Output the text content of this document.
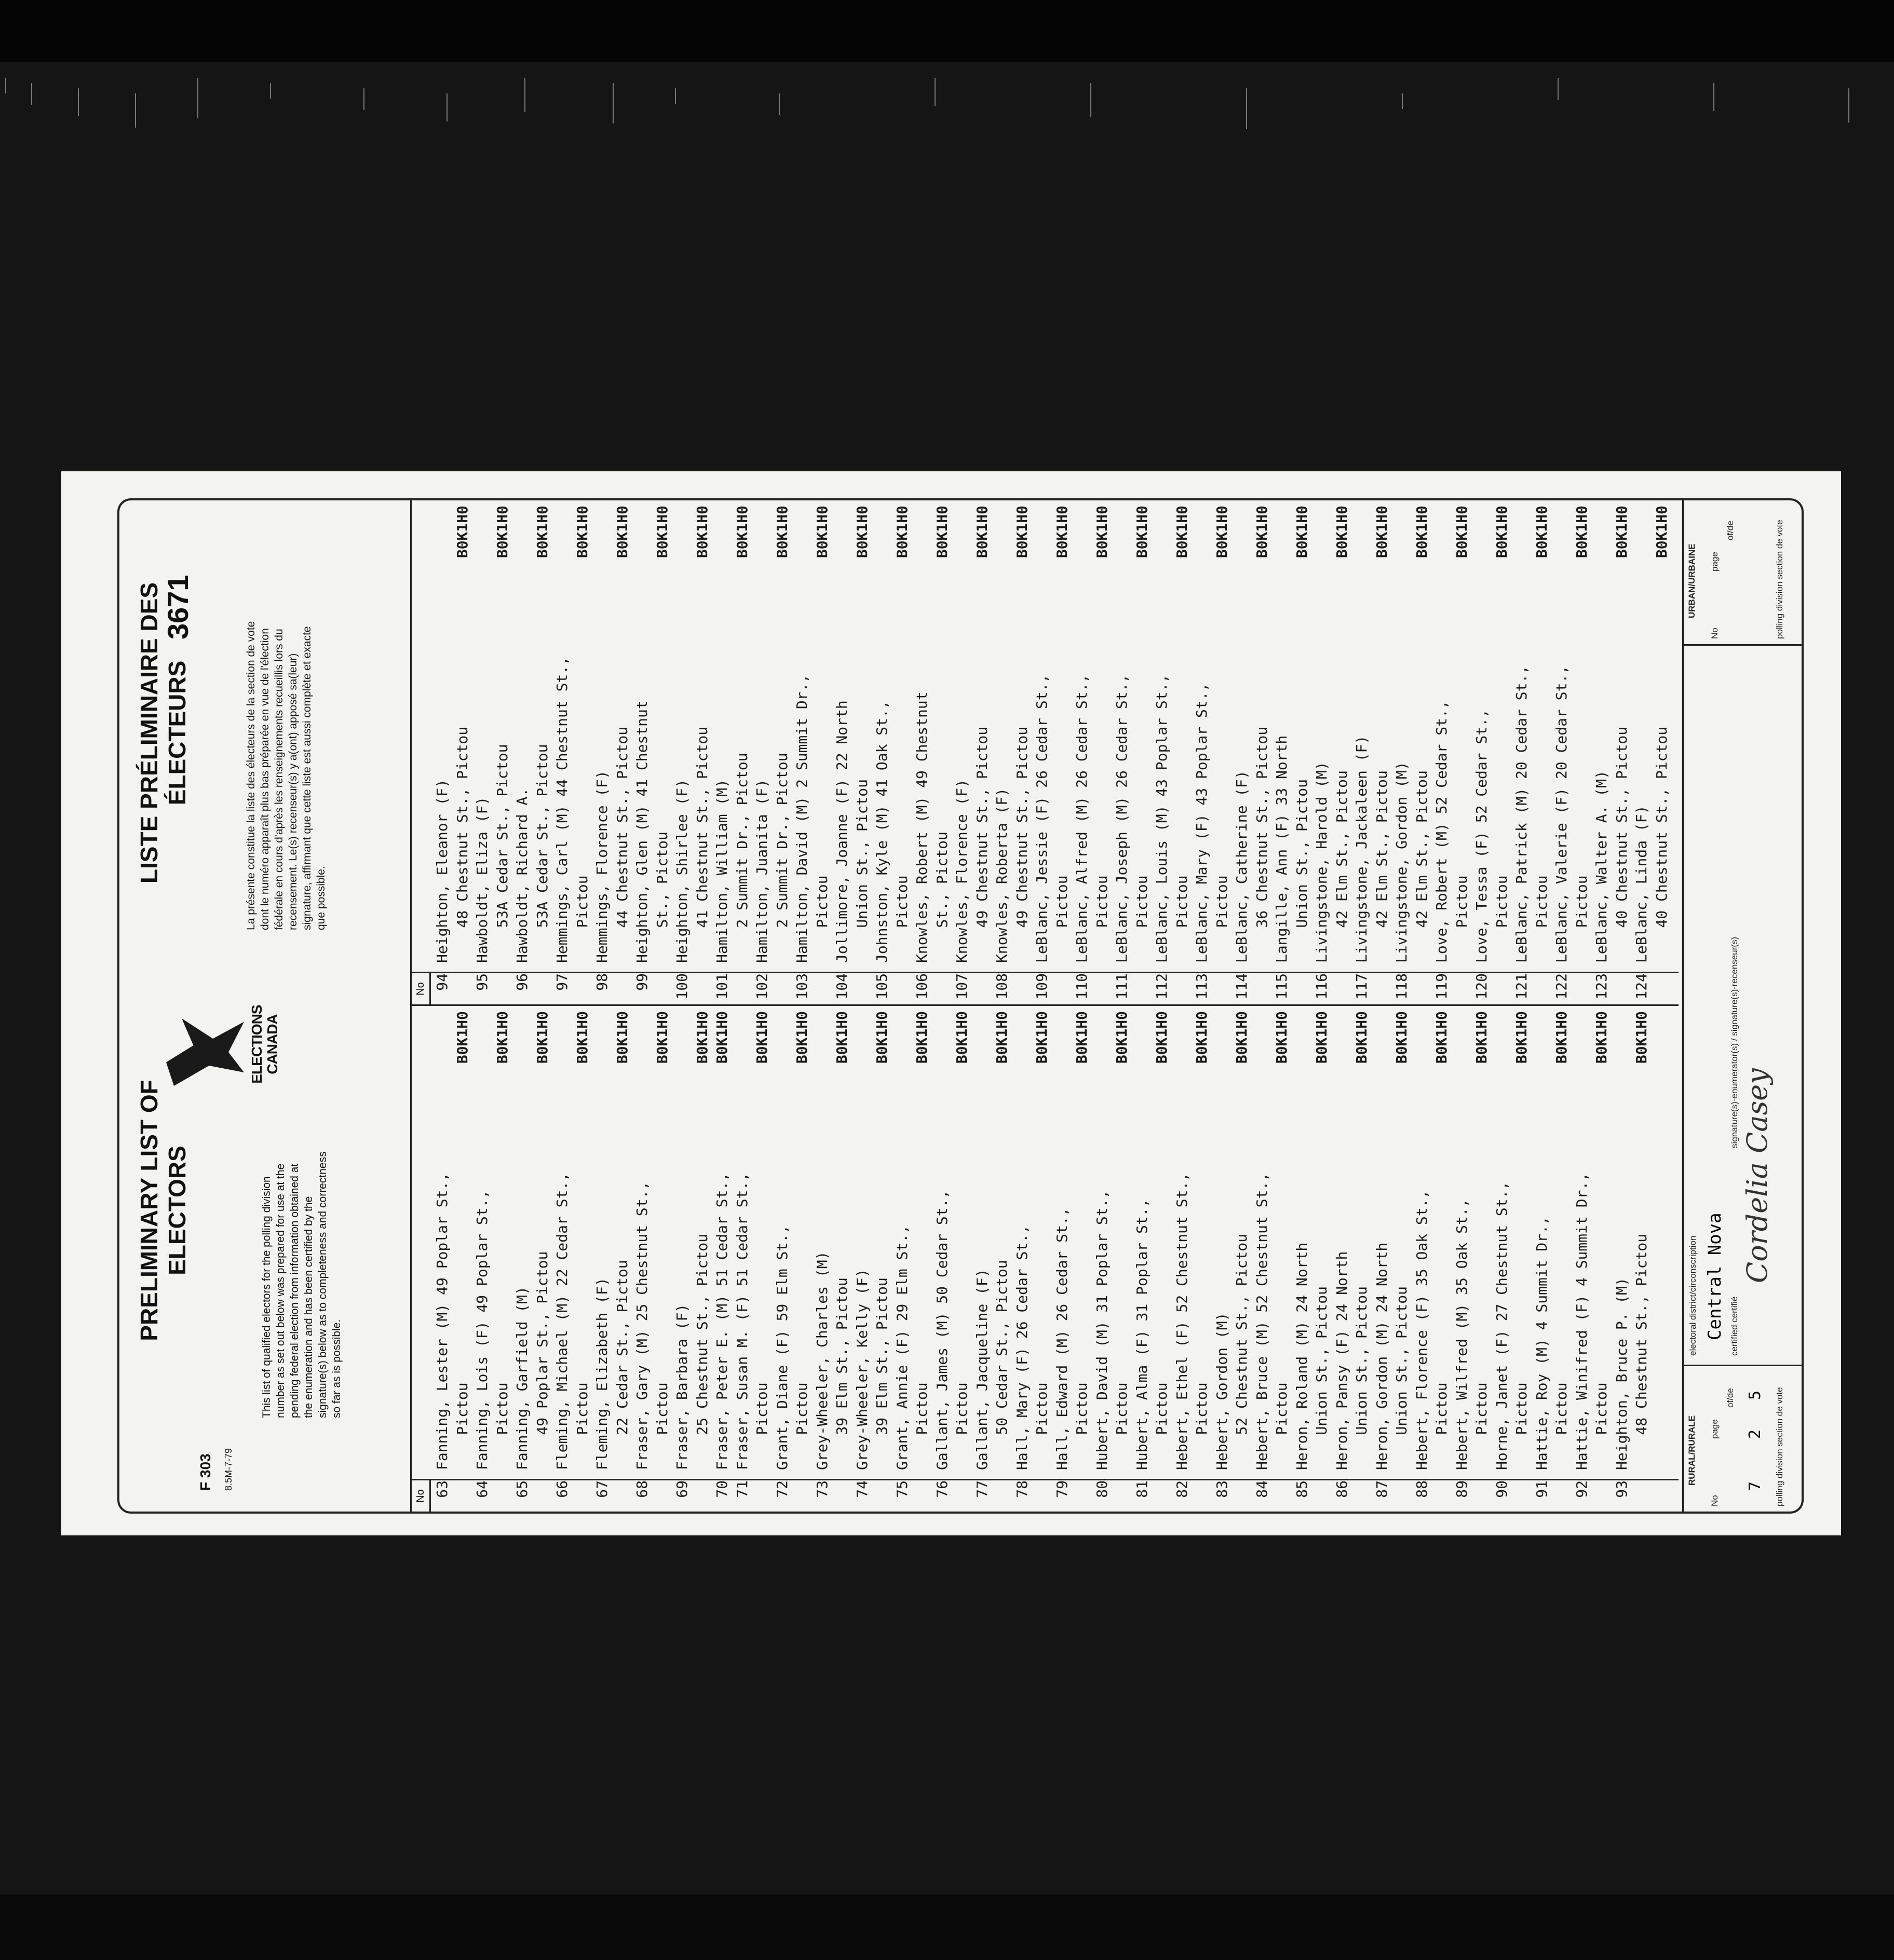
F 303 8.5M-7-79
PRELIMINARY LIST OF ELECTORS	This list of qualified electors for the polling division number as set out below was prepared for use at the pending federal election from information obtained at the enumeration and has been certified by the signature(s) below as to completeness and correctness so far as is possible.
ELECTIONS CANADA
LISTE PRÉLIMINAIRE DES ÉLECTEURS	La présente constitue la liste des électeurs de la section de vote dont le numéro apparaît plus bas préparée en vue de l'élection fédérale en cours d'après les renseignements recueillis lors du recensement. Le(s) recenseur(s) y a(ont) apposé sa(leur) signature, affirmant que cette liste est aussi complète et exacte que possible.
3671
No 63
Fanning, Lester (M) 49 Poplar St., Pictou
B0K1H0
64
Fanning, Lois (F) 49 Poplar St., Pictou
B0K1H0
65
Fanning, Garfield (M) 49 Poplar St., Pictou
B0K1H0
66
Fleming, Michael (M) 22 Cedar St., Pictou
B0K1H0
67
Fleming, Elizabeth (F) 22 Cedar St., Pictou
B0K1H0
68
Fraser, Gary (M) 25 Chestnut St., Pictou
B0K1H0
69
Fraser, Barbara (F) 25 Chestnut St., Pictou
B0K1H0
70
Fraser, Peter E. (M) 51 Cedar St.,
B0K1H0
71
Fraser, Susan M. (F) 51 Cedar St., Pictou
B0K1H0
72
Grant, Diane (F) 59 Elm St., Pictou
B0K1H0
73
Grey-Wheeler, Charles (M) 39 Elm St., Pictou
B0K1H0
74
Grey-Wheeler, Kelly (F) 39 Elm St., Pictou
B0K1H0
75
Grant, Annie (F) 29 Elm St., Pictou
B0K1H0
76
Gallant, James (M) 50 Cedar St., Pictou
B0K1H0
77
Gallant, Jacqueline (F) 50 Cedar St., Pictou
B0K1H0
78
Hall, Mary (F) 26 Cedar St., Pictou
B0K1H0
79
Hall, Edward (M) 26 Cedar St., Pictou
B0K1H0
80
Hubert, David (M) 31 Poplar St., Pictou
B0K1H0
81
Hubert, Alma (F) 31 Poplar St., Pictou
B0K1H0
82
Hebert, Ethel (F) 52 Chestnut St., Pictou
B0K1H0
83
Hebert, Gordon (M) 52 Chestnut St., Pictou
B0K1H0
84
Hebert, Bruce (M) 52 Chestnut St., Pictou
B0K1H0
85
Heron, Roland (M) 24 North Union St., Pictou
B0K1H0
86
Heron, Pansy (F) 24 North Union St., Pictou
B0K1H0
87
Heron, Gordon (M) 24 North Union St., Pictou
B0K1H0
88
Hebert, Florence (F) 35 Oak St., Pictou
B0K1H0
89
Hebert, Wilfred (M) 35 Oak St., Pictou
B0K1H0
90
Horne, Janet (F) 27 Chestnut St., Pictou
B0K1H0
91
Hattie, Roy (M) 4 Summit Dr., Pictou
B0K1H0
92
Hattie, Winifred (F) 4 Summit Dr., Pictou
B0K1H0
93
Heighton, Bruce P. (M) 48 Chestnut St., Pictou
B0K1H0
No 94
Heighton, Eleanor (F) 48 Chestnut St., Pictou
B0K1H0
95
Hawboldt, Eliza (F) 53A Cedar St., Pictou
B0K1H0
96
Hawboldt, Richard A. 53A Cedar St., Pictou
B0K1H0
97
Hemmings, Carl (M) 44 Chestnut St., Pictou
B0K1H0
98
Hemmings, Florence (F) 44 Chestnut St., Pictou
B0K1H0
99
Heighton, Glen (M) 41 Chestnut St., Pictou
B0K1H0
100
Heighton, Shirlee (F) 41 Chestnut St., Pictou
B0K1H0
101
Hamilton, William (M) 2 Summit Dr., Pictou
B0K1H0
102
Hamilton, Juanita (F) 2 Summit Dr., Pictou
B0K1H0
103
Hamilton, David (M) 2 Summit Dr., Pictou
B0K1H0
104
Jollimore, Joanne (F) 22 North Union St., Pictou
B0K1H0
105
Johnston, Kyle (M) 41 Oak St., Pictou
B0K1H0
106
Knowles, Robert (M) 49 Chestnut St., Pictou
B0K1H0
107
Knowles, Florence (F) 49 Chestnut St., Pictou
B0K1H0
108
Knowles, Roberta (F) 49 Chestnut St., Pictou
B0K1H0
109
LeBlanc, Jessie (F) 26 Cedar St., Pictou
B0K1H0
110
LeBlanc, Alfred (M) 26 Cedar St., Pictou
B0K1H0
111
LeBlanc, Joseph (M) 26 Cedar St., Pictou
B0K1H0
112
LeBlanc, Louis (M) 43 Poplar St., Pictou
B0K1H0
113
LeBlanc, Mary (F) 43 Poplar St., Pictou
B0K1H0
114
LeBlanc, Catherine (F) 36 Chestnut St., Pictou
B0K1H0
115
Langille, Ann (F) 33 North Union St., Pictou
B0K1H0
116
Livingstone, Harold (M) 42 Elm St., Pictou
B0K1H0
117
Livingstone, Jackaleen (F) 42 Elm St., Pictou
B0K1H0
118
Livingstone, Gordon (M) 42 Elm St., Pictou
B0K1H0
119
Love, Robert (M) 52 Cedar St., Pictou
B0K1H0
120
Love, Tessa (F) 52 Cedar St., Pictou
B0K1H0
121
LeBlanc, Patrick (M) 20 Cedar St., Pictou
B0K1H0
122
LeBlanc, Valerie (F) 20 Cedar St., Pictou
B0K1H0
123
LeBlanc, Walter A. (M) 40 Chestnut St., Pictou
B0K1H0
124
LeBlanc, Linda (F) 40 Chestnut St., Pictou
B0K1H0
RURAL/RURALE
No
page
of/de
7
2
5 polling division section de vote
electoral district/circonscription Central Nova certified certifié
signature(s)-enumerator(s) / signature(s)-recenseur(s)
Cordelia Casey
URBAN/URBAINE
No
page
of/de	polling division section de vote
